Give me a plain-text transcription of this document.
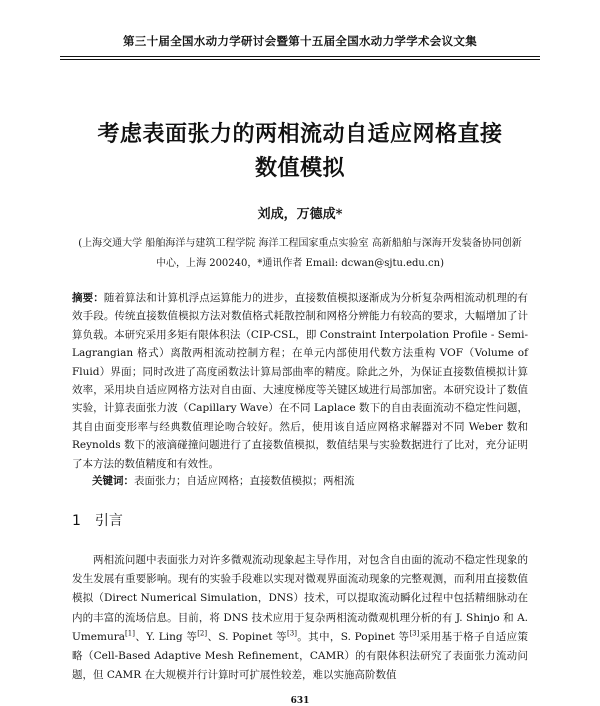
第三十届全国水动力学研讨会暨第十五届全国水动力学学术会议文集
考虑表面张力的两相流动自适应网格直接
数值模拟
刘成，万德成*
(上海交通大学 船舶海洋与建筑工程学院 海洋工程国家重点实验室 高新船舶与深海开发装备协同创新
中心，上海 200240，*通讯作者 Email: dcwan@sjtu.edu.cn)
摘要：随着算法和计算机浮点运算能力的进步，直接数值模拟逐渐成为分析复杂两相流动机理的有效手段。传统直接数值模拟方法对数值格式耗散控制和网格分辨能力有较高的要求，大幅增加了计算负载。本研究采用多矩有限体积法（CIP-CSL，即 Constraint Interpolation Profile - Semi-Lagrangian 格式）离散两相流动控制方程；在单元内部使用代数方法重构 VOF（Volume of Fluid）界面；同时改进了高度函数法计算局部曲率的精度。除此之外，为保证直接数值模拟计算效率，采用块自适应网格方法对自由面、大速度梯度等关键区域进行局部加密。本研究设计了数值实验，计算表面张力波（Capillary Wave）在不同 Laplace 数下的自由表面流动不稳定性问题，其自由面变形率与经典数值理论吻合较好。然后，使用该自适应网格求解器对不同 Weber 数和 Reynolds 数下的液滴碰撞问题进行了直接数值模拟，数值结果与实验数据进行了比对，充分证明了本方法的数值精度和有效性。
关键词：表面张力；自适应网格；直接数值模拟；两相流
1 引言

两相流问题中表面张力对许多微观流动现象起主导作用，对包含自由面的流动不稳定性现象的发生发展有重要影响。现有的实验手段难以实现对微观界面流动现象的完整观测，而利用直接数值模拟（Direct Numerical Simulation，DNS）技术，可以提取流动瞬化过程中包括精细脉动在内的丰富的流场信息。目前，将 DNS 技术应用于复杂两相流动微观机理分析的有 J. Shinjo 和 A. Umemura[1]、Y. Ling 等[2]、S. Popinet 等[3]。其中，S. Popinet 等[3]采用基于格子自适应策略（Cell-Based Adaptive Mesh Refinement，CAMR）的有限体积法研究了表面张力流动问题，但 CAMR 在大规模并行计算时可扩展性较差，难以实施高阶数值

631
